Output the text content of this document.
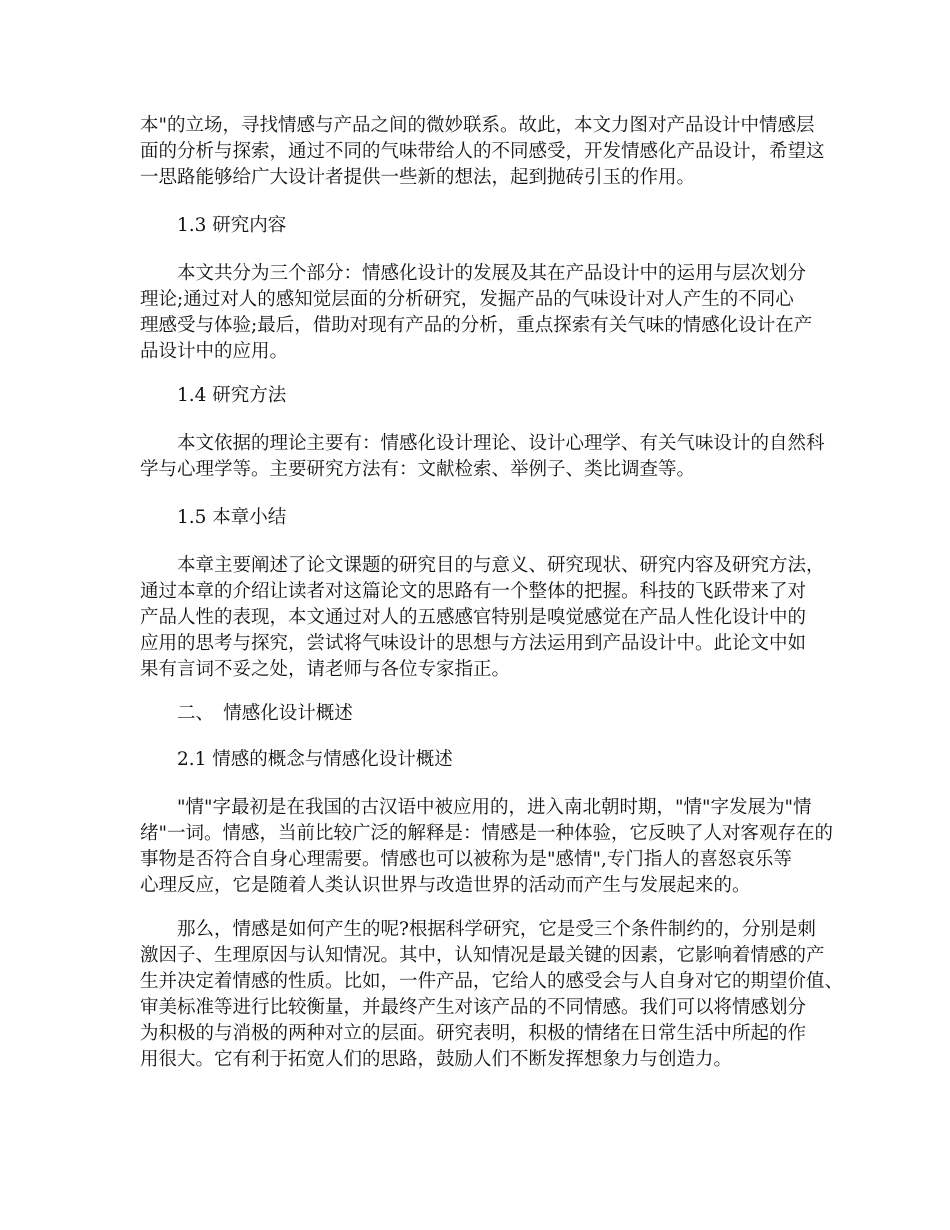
本"的立场，寻找情感与产品之间的微妙联系。故此，本文力图对产品设计中情感层
面的分析与探索，通过不同的气味带给人的不同感受，开发情感化产品设计，希望这
一思路能够给广大设计者提供一些新的想法，起到抛砖引玉的作用。
1.3 研究内容
　　本文共分为三个部分：情感化设计的发展及其在产品设计中的运用与层次划分
理论;通过对人的感知觉层面的分析研究，发掘产品的气味设计对人产生的不同心
理感受与体验;最后，借助对现有产品的分析，重点探索有关气味的情感化设计在产
品设计中的应用。
1.4 研究方法
　　本文依据的理论主要有：情感化设计理论、设计心理学、有关气味设计的自然科
学与心理学等。主要研究方法有：文献检索、举例子、类比调查等。
1.5 本章小结
　　本章主要阐述了论文课题的研究目的与意义、研究现状、研究内容及研究方法，
通过本章的介绍让读者对这篇论文的思路有一个整体的把握。科技的飞跃带来了对
产品人性的表现，本文通过对人的五感感官特别是嗅觉感觉在产品人性化设计中的
应用的思考与探究，尝试将气味设计的思想与方法运用到产品设计中。此论文中如
果有言词不妥之处，请老师与各位专家指正。
二、　情感化设计概述
2.1 情感的概念与情感化设计概述
　　"情"字最初是在我国的古汉语中被应用的，进入南北朝时期，"情"字发展为"情
绪"一词。情感，当前比较广泛的解释是：情感是一种体验，它反映了人对客观存在的
事物是否符合自身心理需要。情感也可以被称为是"感情",专门指人的喜怒哀乐等
心理反应，它是随着人类认识世界与改造世界的活动而产生与发展起来的。
　　那么，情感是如何产生的呢?根据科学研究，它是受三个条件制约的，分别是刺
激因子、生理原因与认知情况。其中，认知情况是最关键的因素，它影响着情感的产
生并决定着情感的性质。比如，一件产品，它给人的感受会与人自身对它的期望价值、
审美标准等进行比较衡量，并最终产生对该产品的不同情感。我们可以将情感划分
为积极的与消极的两种对立的层面。研究表明，积极的情绪在日常生活中所起的作
用很大。它有利于拓宽人们的思路，鼓励人们不断发挥想象力与创造力。
